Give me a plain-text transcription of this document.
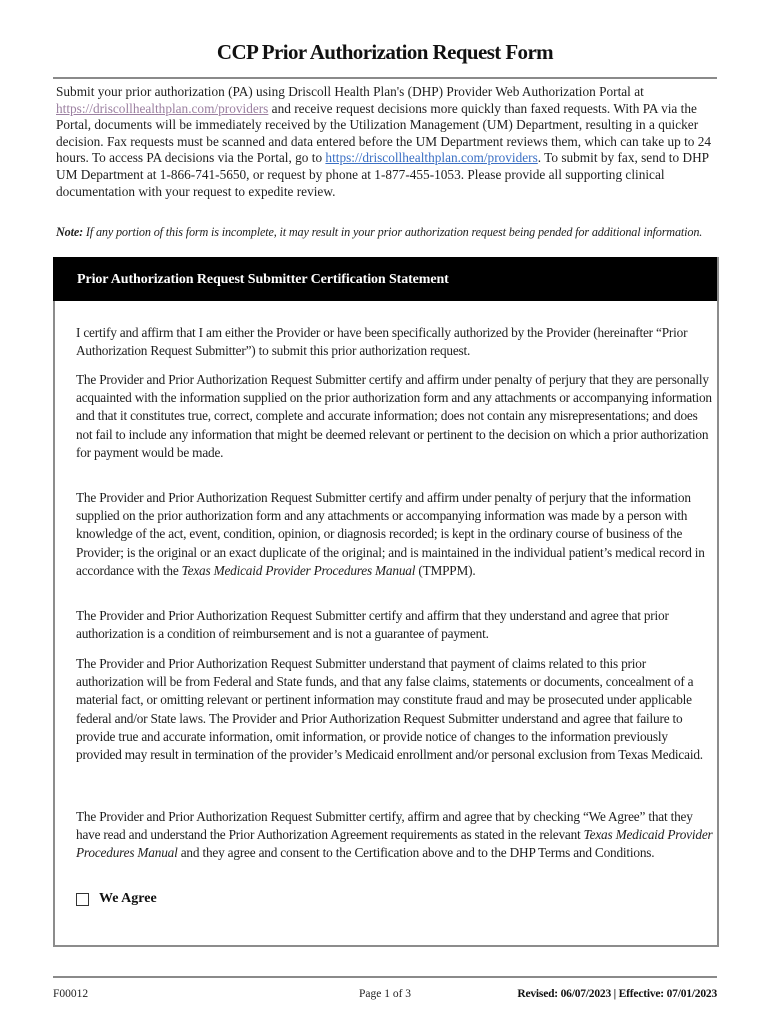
CCP Prior Authorization Request Form
Submit your prior authorization (PA) using Driscoll Health Plan's (DHP) Provider Web Authorization Portal at https://driscollhealthplan.com/providers and receive request decisions more quickly than faxed requests. With PA via the Portal, documents will be immediately received by the Utilization Management (UM) Department, resulting in a quicker decision. Fax requests must be scanned and data entered before the UM Department reviews them, which can take up to 24 hours. To access PA decisions via the Portal, go to https://driscollhealthplan.com/providers. To submit by fax, send to DHP UM Department at 1-866-741-5650, or request by phone at 1-877-455-1053. Please provide all supporting clinical documentation with your request to expedite review.
Note: If any portion of this form is incomplete, it may result in your prior authorization request being pended for additional information.
Prior Authorization Request Submitter Certification Statement
I certify and affirm that I am either the Provider or have been specifically authorized by the Provider (hereinafter “Prior Authorization Request Submitter”) to submit this prior authorization request.
The Provider and Prior Authorization Request Submitter certify and affirm under penalty of perjury that they are personally acquainted with the information supplied on the prior authorization form and any attachments or accompanying information and that it constitutes true, correct, complete and accurate information; does not contain any misrepresentations; and does not fail to include any information that might be deemed relevant or pertinent to the decision on which a prior authorization for payment would be made.
The Provider and Prior Authorization Request Submitter certify and affirm under penalty of perjury that the information supplied on the prior authorization form and any attachments or accompanying information was made by a person with knowledge of the act, event, condition, opinion, or diagnosis recorded; is kept in the ordinary course of business of the Provider; is the original or an exact duplicate of the original; and is maintained in the individual patient’s medical record in accordance with the Texas Medicaid Provider Procedures Manual (TMPPM).
The Provider and Prior Authorization Request Submitter certify and affirm that they understand and agree that prior authorization is a condition of reimbursement and is not a guarantee of payment.
The Provider and Prior Authorization Request Submitter understand that payment of claims related to this prior authorization will be from Federal and State funds, and that any false claims, statements or documents, concealment of a material fact, or omitting relevant or pertinent information may constitute fraud and may be prosecuted under applicable federal and/or State laws. The Provider and Prior Authorization Request Submitter understand and agree that failure to provide true and accurate information, omit information, or provide notice of changes to the information previously provided may result in termination of the provider’s Medicaid enrollment and/or personal exclusion from Texas Medicaid.
The Provider and Prior Authorization Request Submitter certify, affirm and agree that by checking “We Agree” that they have read and understand the Prior Authorization Agreement requirements as stated in the relevant Texas Medicaid Provider Procedures Manual and they agree and consent to the Certification above and to the DHP Terms and Conditions.
We Agree
F00012	Page 1 of 3	Revised: 06/07/2023 | Effective: 07/01/2023
